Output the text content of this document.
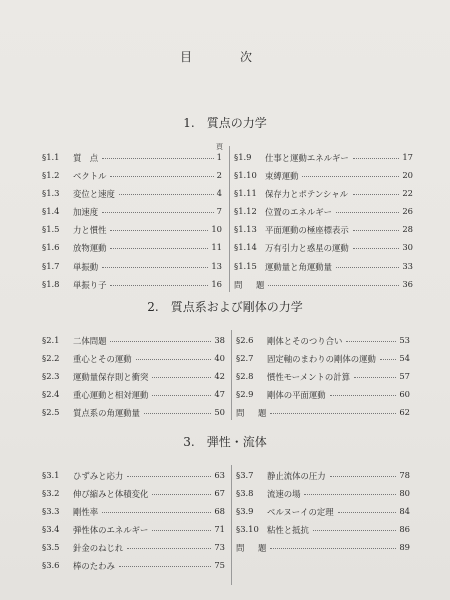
目　次
1.　質点の力学
頁
§1.1 質　点	1
§1.2 ベクトル	2
§1.3 変位と速度	4
§1.4 加速度	7
§1.5 力と慣性	10
§1.6 放物運動	11
§1.7 単振動	13
§1.8 単振り子	16
§1.9 仕事と運動エネルギー	17
§1.10 束縛運動	20
§1.11 保存力とポテンシャル	22
§1.12 位置のエネルギー	26
§1.13 平面運動の極座標表示	28
§1.14 万有引力と惑星の運動	30
§1.15 運動量と角運動量	33
問 題	36
2.　質点系および剛体の力学
§2.1 二体問題	38
§2.2 重心とその運動	40
§2.3 運動量保存則と衝突	42
§2.4 重心運動と相対運動	47
§2.5 質点系の角運動量	50
§2.6 剛体とそのつり合い	53
§2.7 固定軸のまわりの剛体の運動	54
§2.8 慣性モーメントの計算	57
§2.9 剛体の平面運動	60
問 題	62
3.　弾性・流体
§3.1 ひずみと応力	63
§3.2 伸び縮みと体積変化	67
§3.3 剛性率	68
§3.4 弾性体のエネルギー	71
§3.5 針金のねじれ	73
§3.6 棒のたわみ	75
§3.7 静止流体の圧力	78
§3.8 流速の場	80
§3.9 ベルヌーイの定理	84
§3.10 粘性と抵抗	86
問 題	89
